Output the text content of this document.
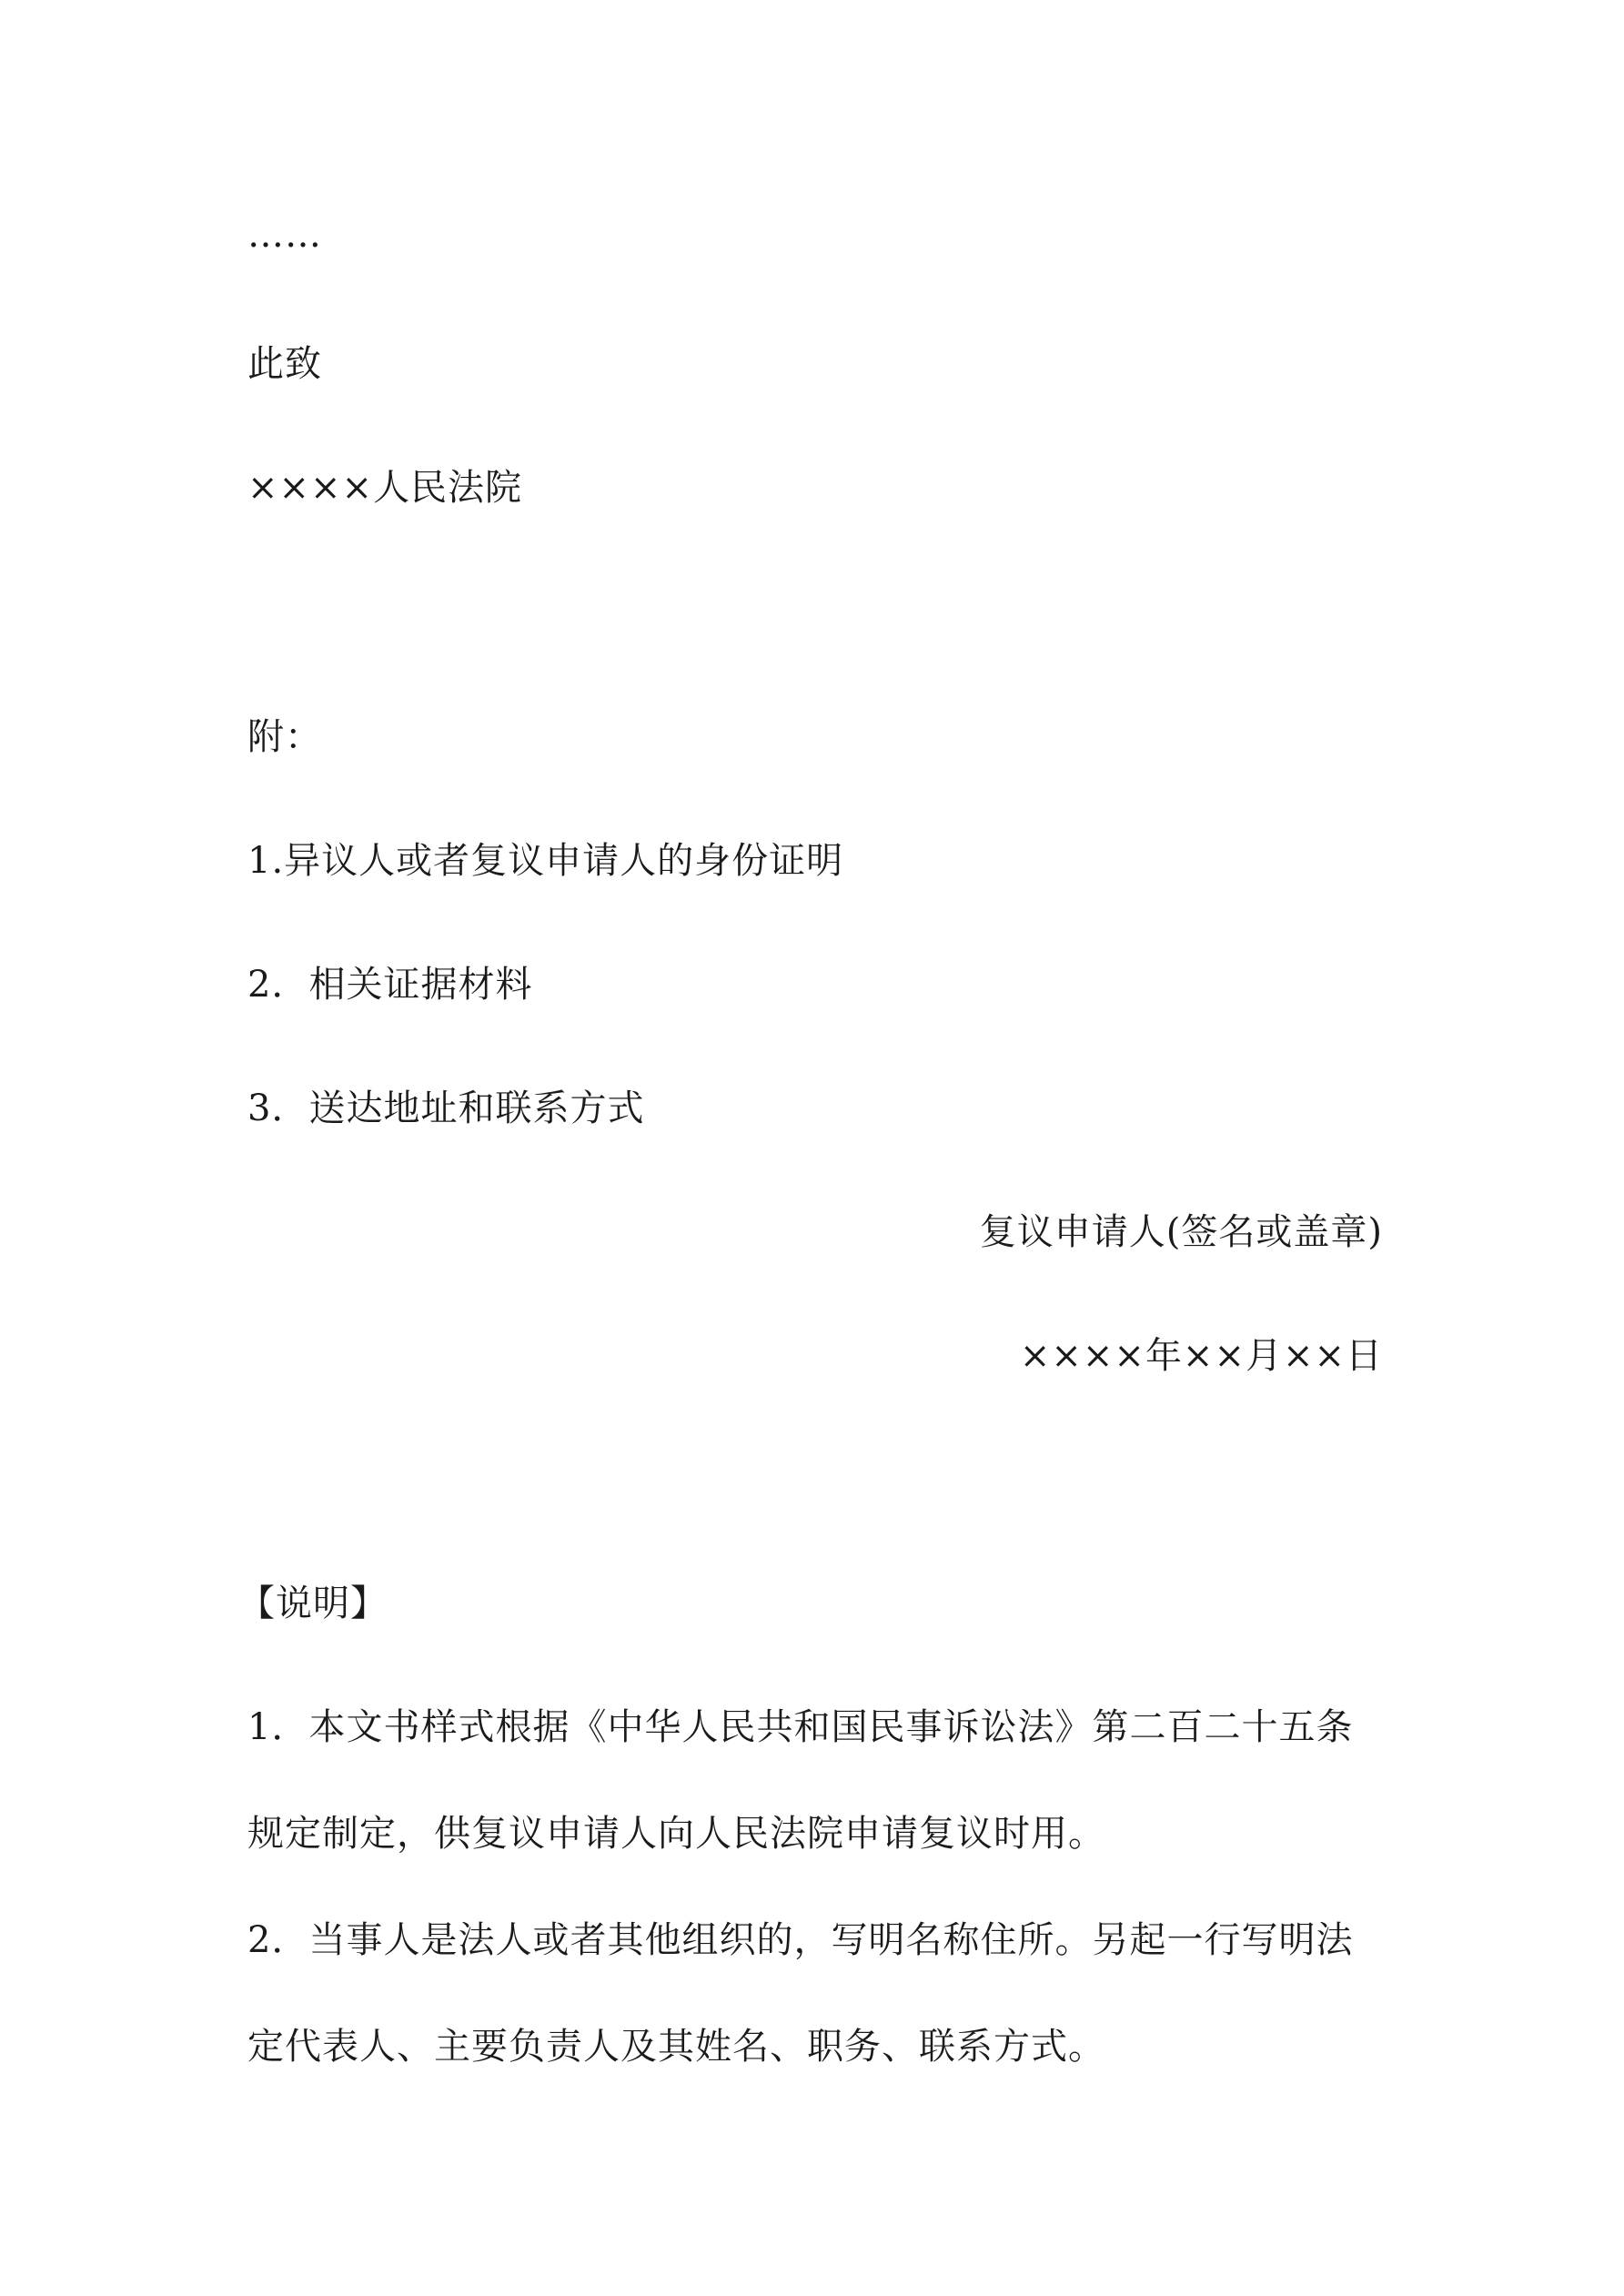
……
此致
××××人民法院
附：
1.异议人或者复议申请人的身份证明
2．相关证据材料
3．送达地址和联系方式
复议申请人(签名或盖章)
××××年××月××日
【说明】
1．本文书样式根据《中华人民共和国民事诉讼法》第二百二十五条规定制定，供复议申请人向人民法院申请复议时用。
2．当事人是法人或者其他组织的，写明名称住所。另起一行写明法定代表人、主要负责人及其姓名、职务、联系方式。
